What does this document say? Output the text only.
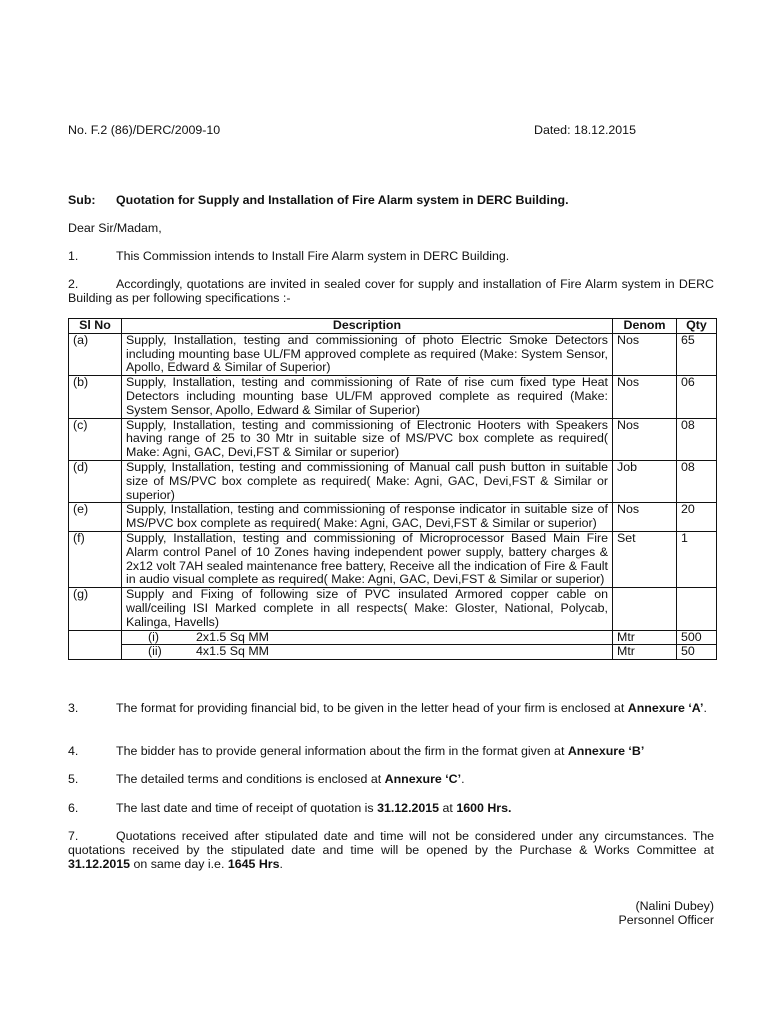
No. F.2 (86)/DERC/2009-10	Dated: 18.12.2015
Sub: Quotation for Supply and Installation of Fire Alarm system in DERC Building.
Dear Sir/Madam,
1.	This Commission intends to Install Fire Alarm system in DERC Building.
2.	Accordingly, quotations are invited in sealed cover for supply and installation of Fire Alarm system in DERC Building as per following specifications :-
Sl No	Description	Denom	Qty
(a)	Supply, Installation, testing and commissioning of photo Electric Smoke Detectors including mounting base UL/FM approved complete as required (Make: System Sensor, Apollo, Edward & Similar of Superior)	Nos	65
(b)	Supply, Installation, testing and commissioning of Rate of rise cum fixed type Heat Detectors including mounting base UL/FM approved complete as required (Make: System Sensor, Apollo, Edward & Similar of Superior)	Nos	06
(c)	Supply, Installation, testing and commissioning of Electronic Hooters with Speakers having range of 25 to 30 Mtr in suitable size of MS/PVC box complete as required( Make: Agni, GAC, Devi,FST & Similar or superior)	Nos	08
(d)	Supply, Installation, testing and commissioning of Manual call push button in suitable size of MS/PVC box complete as required( Make: Agni, GAC, Devi,FST & Similar or superior)	Job	08
(e)	Supply, Installation, testing and commissioning of response indicator in suitable size of MS/PVC box complete as required( Make: Agni, GAC, Devi,FST & Similar or superior)	Nos	20
(f)	Supply, Installation, testing and commissioning of Microprocessor Based Main Fire Alarm control Panel of 10 Zones having independent power supply, battery charges & 2x12 volt 7AH sealed maintenance free battery, Receive all the indication of Fire & Fault in audio visual complete as required( Make: Agni, GAC, Devi,FST & Similar or superior)	Set	1
(g)	Supply and Fixing of following size of PVC insulated Armored copper cable on wall/ceiling ISI Marked complete in all respects( Make: Gloster, National, Polycab, Kalinga, Havells)		
	(i) 2x1.5 Sq MM	Mtr	500
	(ii) 4x1.5 Sq MM	Mtr	50
3.	The format for providing financial bid, to be given in the letter head of your firm is enclosed at Annexure ‘A’.
4.	The bidder has to provide general information about the firm in the format given at Annexure ‘B’
5.	The detailed terms and conditions is enclosed at Annexure ‘C’.
6.	The last date and time of receipt of quotation is 31.12.2015 at 1600 Hrs.
7.	Quotations received after stipulated date and time will not be considered under any circumstances. The quotations received by the stipulated date and time will be opened by the Purchase & Works Committee at 31.12.2015 on same day i.e. 1645 Hrs.
(Nalini Dubey)
Personnel Officer
